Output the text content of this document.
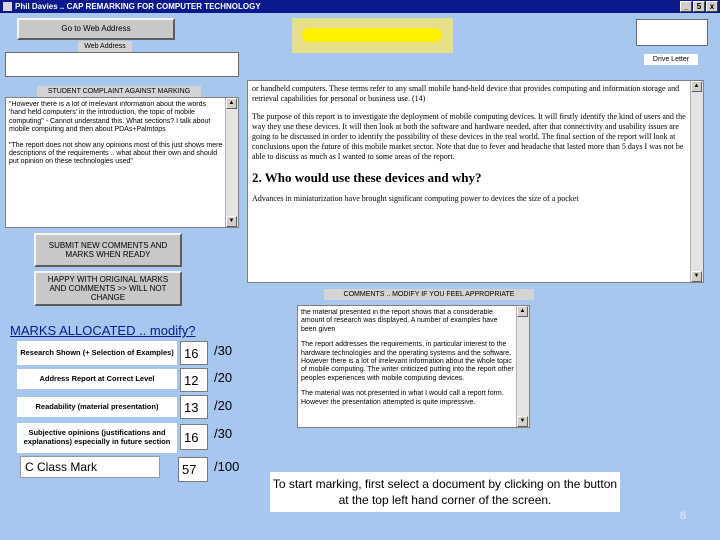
Phil Davies .. CAP REMARKING FOR COMPUTER TECHNOLOGY	_	5	x
Go to Web Address
Web Address
Drive Letter
STUDENT COMPLAINT AGAINST MARKING

"However there is a lot of irrelevant information about the words 'hand held computers' in the introduction, the topic of mobile computing" - Cannot understand this. What sections? I talk about mobile computing and then about PDAs+Palmtops

"The report does not show any opinions most of this just shows mere descriptions of the requirements .. what about their own and should put opinion on these technologies used"

▲
▼

or handheld computers. These terms refer to any small mobile hand-held device that provides computing and information storage and retrieval capabilities for personal or business use. (14)

The purpose of this report is to investigate the deployment of mobile computing devices. It will firstly identify the kind of users and the way they use these devices. It will then look at both the software and hardware needed, after that connectivity and usability issues are going to be discussed in order to identify the possibility of these devices in the real world. The final section of the report will look at conclusions upon the future of this mobile market sector. Note that due to fever and headache that lasted more than 5 days I was not be able to discuss as much as I wanted to some areas of the report.

2. Who would use these devices and why?

Advances in miniaturization have brought significant computing power to devices the size of a pocket

▲
▼
SUBMIT NEW COMMENTS AND MARKS WHEN READY
HAPPY WITH ORIGINAL MARKS AND COMMENTS >> WILL NOT CHANGE	COMMENTS .. MODIFY IF YOU FEEL APPROPRIATE

the material presented in the report shows that a considerable amount of research was displayed. A number of examples have been given

The report addresses the requirements, in particular interest to the hardware technologies and the operating systems and the software. However there is a lot of irrelevant information about the whole topic of mobile computing. The writer criticized putting into the report other peoples experiences with mobile computing devices.

The material was not presented in what I would call a report form. However the presentation attempted is quite impressive.

▲
▼
MARKS ALLOCATED .. modify?
Research Shown (+ Selection of Examples) 16	/30
Address Report at Correct Level	12	/20
Readability (material presentation)	13	/20
Subjective opinions (justifications and explanations) especially in future section	16	/30
C Class Mark	57	/100
To start marking, first select a document by clicking on the button at the top left hand corner of the screen.
8
